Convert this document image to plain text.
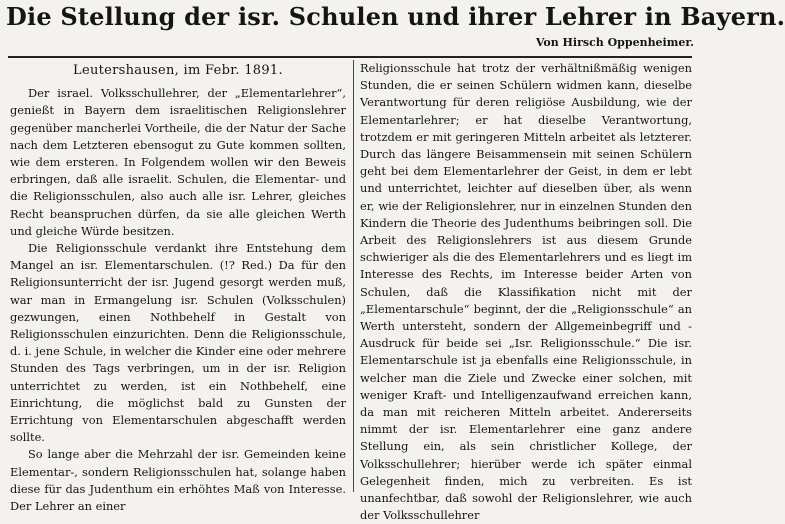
Die Stellung der isr. Schulen und ihrer Lehrer in Bayern.
Von Hirsch Oppenheimer.
Leutershausen, im Febr. 1891.

Der israel. Volksschullehrer, der „Elementarlehrer“, genießt in Bayern dem israelitischen Religionslehrer gegenüber mancherlei Vortheile, die der Natur der Sache nach dem Letzteren ebensogut zu Gute kommen sollten, wie dem ersteren. In Folgendem wollen wir den Beweis erbringen, daß alle israelit. Schulen, die Elementar- und die Religionsschulen, also auch alle isr. Lehrer, gleiches Recht beanspruchen dürfen, da sie alle gleichen Werth und gleiche Würde besitzen.

Die Religionsschule verdankt ihre Entstehung dem Mangel an isr. Elementarschulen. (!? Red.) Da für den Religionsunterricht der isr. Jugend gesorgt werden muß, war man in Ermangelung isr. Schulen (Volksschulen) gezwungen, einen Nothbehelf in Gestalt von Religionsschulen einzurichten. Denn die Religionsschule, d. i. jene Schule, in welcher die Kinder eine oder mehrere Stunden des Tags verbringen, um in der isr. Religion unterrichtet zu werden, ist ein Nothbehelf, eine Einrichtung, die möglichst bald zu Gunsten der Errichtung von Elementarschulen abgeschafft werden sollte.

So lange aber die Mehrzahl der isr. Gemeinden keine Elementar-, sondern Religionsschulen hat, solange haben diese für das Judenthum ein erhöhtes Maß von Interesse. Der Lehrer an einer

Religionsschule hat trotz der verhältnißmäßig wenigen Stunden, die er seinen Schülern widmen kann, dieselbe Verantwortung für deren religiöse Ausbildung, wie der Elementarlehrer; er hat dieselbe Verantwortung, trotzdem er mit geringeren Mitteln arbeitet als letzterer. Durch das längere Beisammensein mit seinen Schülern geht bei dem Elementarlehrer der Geist, in dem er lebt und unterrichtet, leichter auf dieselben über, als wenn er, wie der Religionslehrer, nur in einzelnen Stunden den Kindern die Theorie des Judenthums beibringen soll. Die Arbeit des Religionslehrers ist aus diesem Grunde schwieriger als die des Elementarlehrers und es liegt im Interesse des Rechts, im Interesse beider Arten von Schulen, daß die Klassifikation nicht mit der „Elementarschule“ beginnt, der die „Religionsschule“ an Werth untersteht, sondern der Allgemeinbegriff und -Ausdruck für beide sei „Isr. Religionsschule.“ Die isr. Elementarschule ist ja ebenfalls eine Religionsschule, in welcher man die Ziele und Zwecke einer solchen, mit weniger Kraft- und Intelligenzaufwand erreichen kann, da man mit reicheren Mitteln arbeitet. Andererseits nimmt der isr. Elementarlehrer eine ganz andere Stellung ein, als sein christlicher Kollege, der Volksschullehrer; hierüber werde ich später einmal Gelegenheit finden, mich zu verbreiten. Es ist unanfechtbar, daß sowohl der Religionslehrer, wie auch der Volksschullehrer
